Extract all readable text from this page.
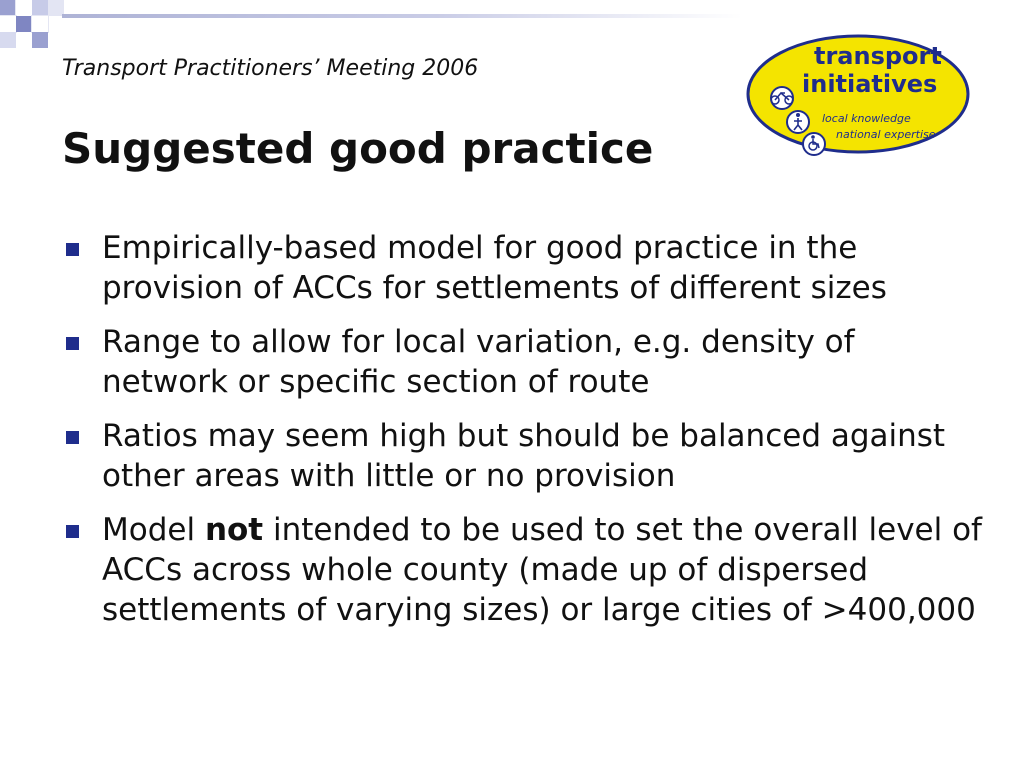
Transport Practitioners’ Meeting 2006
Suggested good practice
transport
initiatives
local knowledge
national expertise
Empirically-based model for good practice in the provision of ACCs for settlements of different sizes
Range to allow for local variation, e.g. density of network or specific section of route
Ratios may seem high but should be balanced against other areas with little or no provision
Model not intended to be used to set the overall level of ACCs across whole county (made up of dispersed settlements of varying sizes) or large cities of >400,000
